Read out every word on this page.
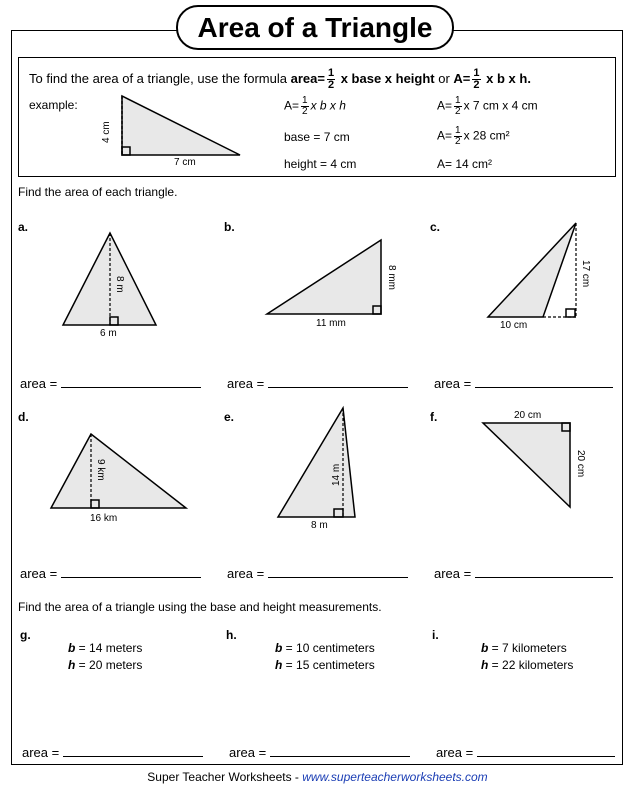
Area of a Triangle
To find the area of a triangle, use the formula area= $\frac{1}{2}$ x base x height or $A= \frac{1}{2}$ x b x h.
example:
4 cm
7 cm
$A= \frac{1}{2}$ x b x h
base = 7 cm
height = 4 cm
$A= \frac{1}{2}$ x 7 cm x 4 cm
$A= \frac{1}{2}$ x 28 cm²
A= 14 cm²
Find the area of each triangle.
a.	b.	c.
8 m
6 m
8 mm
11 mm
17 cm
10 cm
area =	area =	area =
d.	e.	f.
9 km
16 km
14 m
8 m
20 cm
20 cm
area =	area =	area =
Find the area of a triangle using the base and height measurements.
g.
b = 14 meters
h = 20 meters
h.
b = 10 centimeters
h = 15 centimeters
i.
b = 7 kilometers
h = 22 kilometers
area =	area =	area =
Super Teacher Worksheets - www.superteacherworksheets.com
